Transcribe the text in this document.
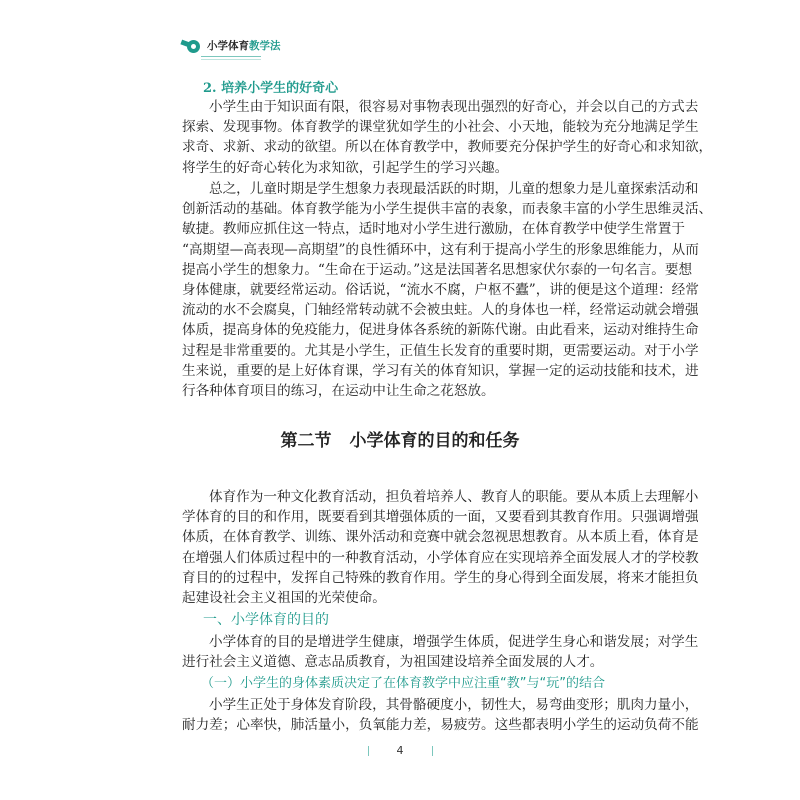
小学体育教学法
2. 培养小学生的好奇心
小学生由于知识面有限，很容易对事物表现出强烈的好奇心，并会以自己的方式去
探索、发现事物。体育教学的课堂犹如学生的小社会、小天地，能较为充分地满足学生
求奇、求新、求动的欲望。所以在体育教学中，教师要充分保护学生的好奇心和求知欲，
将学生的好奇心转化为求知欲，引起学生的学习兴趣。
总之，儿童时期是学生想象力表现最活跃的时期，儿童的想象力是儿童探索活动和
创新活动的基础。体育教学能为小学生提供丰富的表象，而表象丰富的小学生思维灵活、
敏捷。教师应抓住这一特点，适时地对小学生进行激励，在体育教学中使学生常置于
“高期望—高表现—高期望”的良性循环中，这有利于提高小学生的形象思维能力，从而
提高小学生的想象力。“生命在于运动。”这是法国著名思想家伏尔泰的一句名言。要想
身体健康，就要经常运动。俗话说，“流水不腐，户枢不蠹”，讲的便是这个道理：经常
流动的水不会腐臭，门轴经常转动就不会被虫蛀。人的身体也一样，经常运动就会增强
体质，提高身体的免疫能力，促进身体各系统的新陈代谢。由此看来，运动对维持生命
过程是非常重要的。尤其是小学生，正值生长发育的重要时期，更需要运动。对于小学
生来说，重要的是上好体育课，学习有关的体育知识，掌握一定的运动技能和技术，进
行各种体育项目的练习，在运动中让生命之花怒放。
第二节 小学体育的目的和任务
体育作为一种文化教育活动，担负着培养人、教育人的职能。要从本质上去理解小
学体育的目的和作用，既要看到其增强体质的一面，又要看到其教育作用。只强调增强
体质，在体育教学、训练、课外活动和竞赛中就会忽视思想教育。从本质上看，体育是
在增强人们体质过程中的一种教育活动，小学体育应在实现培养全面发展人才的学校教
育目的的过程中，发挥自己特殊的教育作用。学生的身心得到全面发展，将来才能担负
起建设社会主义祖国的光荣使命。
一、小学体育的目的
小学体育的目的是增进学生健康，增强学生体质，促进学生身心和谐发展；对学生
进行社会主义道德、意志品质教育，为祖国建设培养全面发展的人才。
（一）小学生的身体素质决定了在体育教学中应注重“教”与“玩”的结合
小学生正处于身体发育阶段，其骨骼硬度小，韧性大，易弯曲变形；肌肉力量小，
耐力差；心率快，肺活量小，负氧能力差，易疲劳。这些都表明小学生的运动负荷不能
4
